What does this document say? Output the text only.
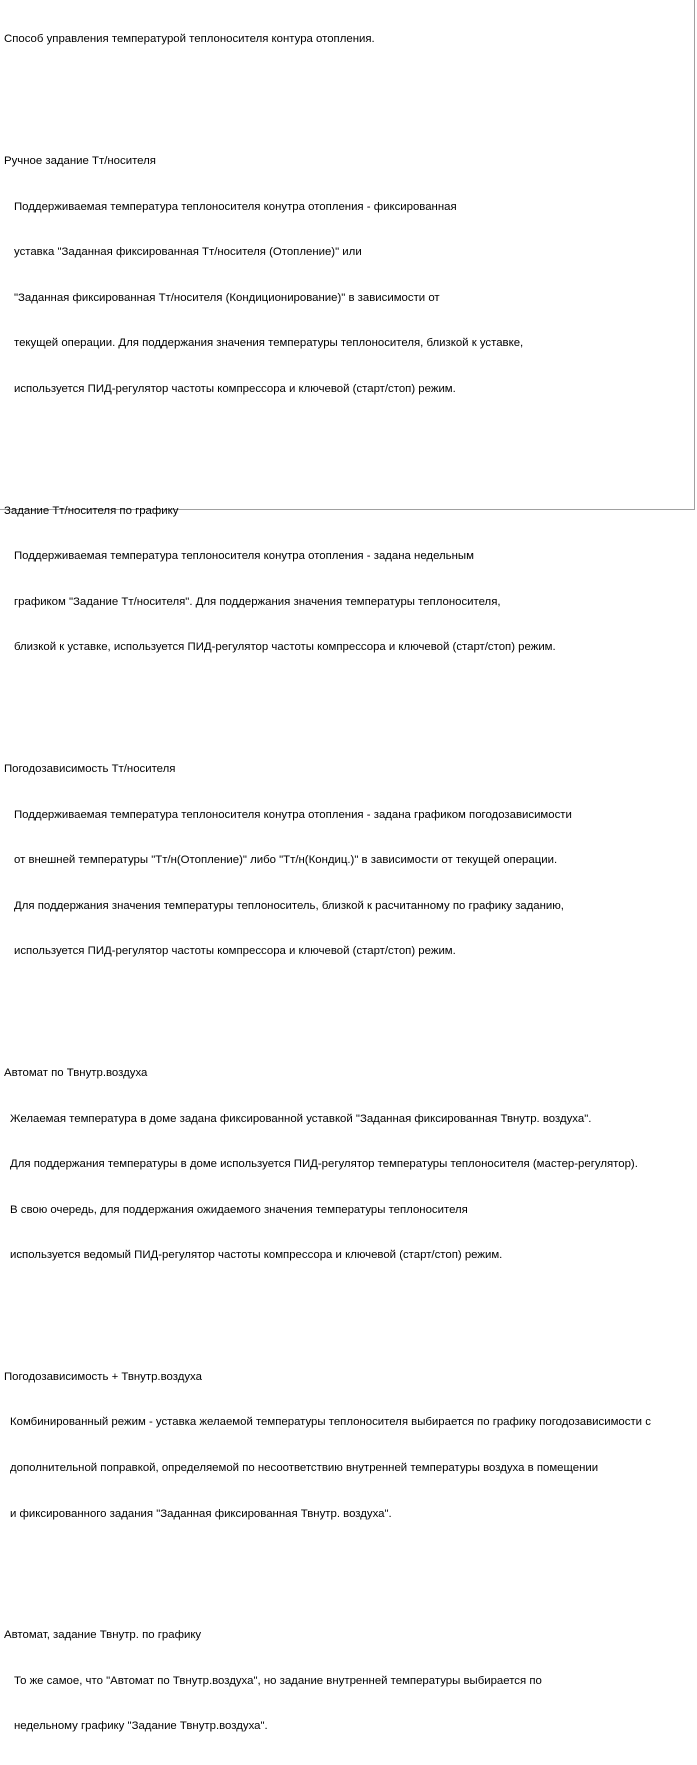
Способ управления температурой теплоносителя контура отопления.

Ручное задание Тт/носителя

Поддерживаемая температура теплоносителя конутра отопления - фиксированная

уставка "Заданная фиксированная Тт/носителя (Отопление)" или

"Заданная фиксированная Тт/носителя (Кондиционирование)" в зависимости от

текущей операции. Для поддержания значения температуры теплоносителя, близкой к уставке,

используется ПИД-регулятор частоты компрессора и ключевой (старт/стоп) режим.

Задание Тт/носителя по графику

Поддерживаемая температура теплоносителя конутра отопления - задана недельным

графиком "Задание Тт/носителя". Для поддержания значения температуры теплоносителя,

близкой к уставке, используется ПИД-регулятор частоты компрессора и ключевой (старт/стоп) режим.

Погодозависимость Тт/носителя

Поддерживаемая температура теплоносителя конутра отопления - задана графиком погодозависимости

от внешней температуры "Тт/н(Отопление)" либо "Тт/н(Кондиц.)" в зависимости от текущей операции.

Для поддержания значения температуры теплоноситель, близкой к расчитанному по графику заданию,

используется ПИД-регулятор частоты компрессора и ключевой (старт/стоп) режим.

Автомат по Твнутр.воздуха

Желаемая температура в доме задана фиксированной уставкой "Заданная фиксированная Твнутр. воздуха".

Для поддержания температуры в доме используется ПИД-регулятор температуры теплоносителя (мастер-регулятор).

В свою очередь, для поддержания ожидаемого значения температуры теплоносителя

используется ведомый ПИД-регулятор частоты компрессора и ключевой (старт/стоп) режим.

Погодозависимость + Твнутр.воздуха

Комбинированный режим - уставка желаемой температуры теплоносителя выбирается по графику погодозависимости с

дополнительной поправкой, определяемой по несоответствию внутренней температуры воздуха в помещении

и фиксированного задания "Заданная фиксированная Твнутр. воздуха".

Автомат, задание Твнутр. по графику

То же самое, что "Автомат по Твнутр.воздуха", но задание внутренней температуры выбирается по

недельному графику "Задание Твнутр.воздуха".
